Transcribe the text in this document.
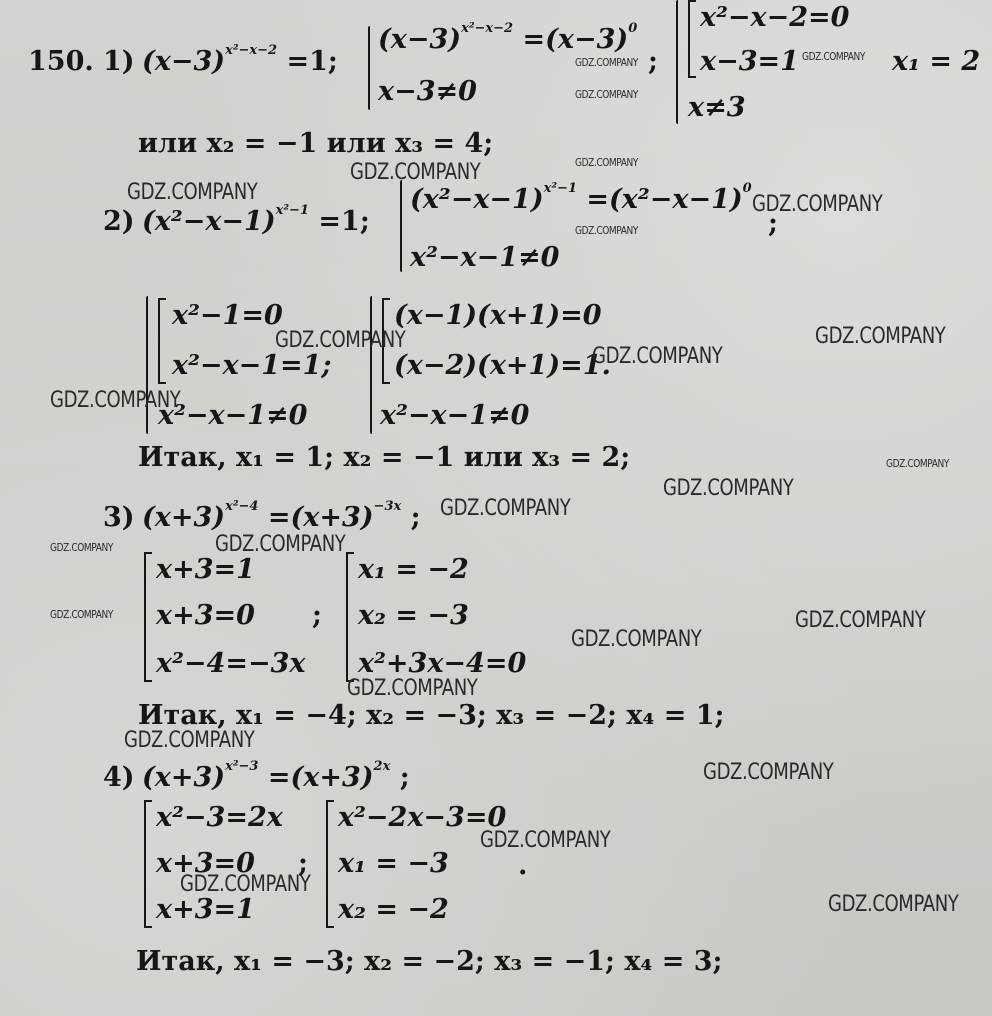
150. 1) $(x-3)^{x^2-x-2} =1$;
$(x-3)^{x^2-x-2} =(x-3)^0$
x−3≠0
;
x²−x−2=0
x−3=1
x≠3
x₁ = 2
или x₂ = −1 или x₃ = 4;
2) $(x^2-x-1)^{x^2-1} =1$;
$(x^2-x-1)^{x^2-1} =(x^2-x-1)^0$
x²−x−1≠0
;
x²−1=0
x²−x−1=1;
x²−x−1≠0
(x−1)(x+1)=0
(x−2)(x+1)=1.
x²−x−1≠0
Итак, x₁ = 1; x₂ = −1 или x₃ = 2;
3) $(x+3)^{x^2-4} =(x+3)^{-3x}$ ;
x+3=1
x+3=0
x²−4=−3x
;
x₁ = −2
x₂ = −3
x²+3x−4=0
Итак, x₁ = −4; x₂ = −3; x₃ = −2; x₄ = 1;
4) $(x+3)^{x^2-3} =(x+3)^{2x}$ ;
x²−3=2x
x+3=0
x+3=1
;
x²−2x−3=0
x₁ = −3
x₂ = −2
.
Итак, x₁ = −3; x₂ = −2; x₃ = −1; x₄ = 3;
GDZ.COMPANY	GDZ.COMPANY
GDZ.COMPANY
GDZ.COMPANY
GDZ.COMPANY
GDZ.COMPANY	GDZ.COMPANY
GDZ.COMPANY
GDZ.COMPANY	GDZ.COMPANY
GDZ.COMPANY
GDZ.COMPANY
GDZ.COMPANY
GDZ.COMPANY
GDZ.COMPANY
GDZ.COMPANY	GDZ.COMPANY
GDZ.COMPANY	GDZ.COMPANY
GDZ.COMPANY
GDZ.COMPANY
GDZ.COMPANY
GDZ.COMPANY
GDZ.COMPANY
GDZ.COMPANY
GDZ.COMPANY
